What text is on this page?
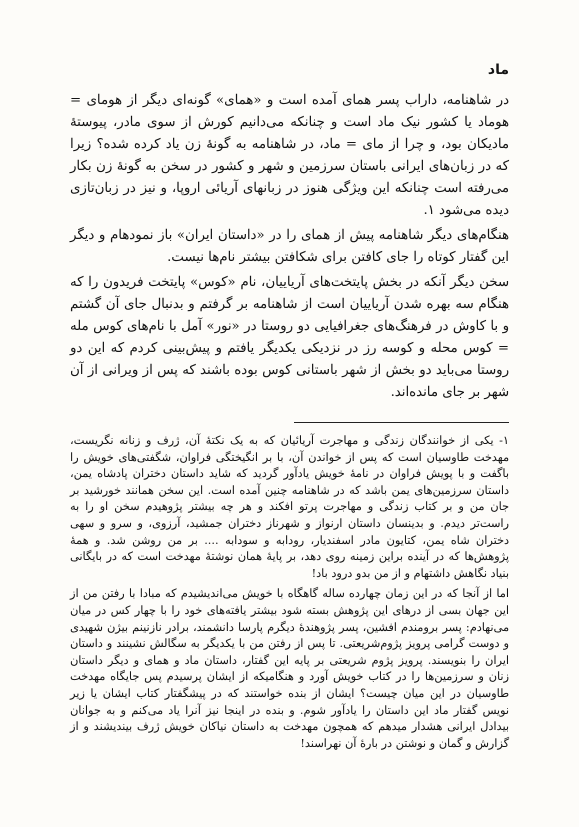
ماد

در شاهنامه، داراب پسر همای آمده است و «همای» گونه‌ای دیگر از هومای = هوماد یا کشور نیک ماد است و چنانکه می‌دانیم کورش از سوی مادر، پیوستهٔ مادیکان بود، و چرا از مای = ماد، در شاهنامه به گونهٔ زن یاد کرده شده؟ زیرا که در زبان‌های ایرانی باستان سرزمین و شهر و کشور در سخن به گونهٔ زن بکار می‌رفته است چنانکه این ویژگی هنوز در زبانهای آریائی اروپا، و نیز در زبان‌تازی دیده می‌شود ۱.

هنگام‌های دیگر شاهنامه پیش از همای را در «داستان ایران» باز نمودهام و دیگر این گفتار کوتاه را جای کافتن برای شکافتن بیشتر نام‌ها نیست.

سخن دیگر آنکه در بخش پایتخت‌های آریاییان، نام «کوس» پایتخت فریدون را که هنگام سه بهره شدن آریاییان است از شاهنامه بر گرفتم و بدنبال جای آن گشتم و با کاوش در فرهنگ‌های جغرافیایی دو روستا در «نور» آمل با نام‌های کوس مله = کوس محله و کوسه رز در نزدیکی یکدیگر یافتم و پیش‌بینی کردم که این دو روستا می‌باید دو بخش از شهر باستانی کوس بوده باشند که پس از ویرانی از آن شهر بر جای مانده‌اند.

۱- یکی از خوانندگان زندگی و مهاجرت آریائیان که به یک نکتهٔ آن، ژرف و زنانه نگریست، مهدخت طاوسیان است که پس از خواندن آن، با بر انگیختگی فراوان، شگفتی‌های خویش را باگفت و با پویش فراوان در نامهٔ خویش یادآور گردید که شاید داستان دختران پادشاه یمن، داستان سرزمین‌های یمن باشد که در شاهنامه چنین آمده است. این سخن همانند خورشید بر جان من و بر کتاب زندگی و مهاجرت پرتو افکند و هر چه بیشتر پژوهیدم سخن او را به راست‌تر دیدم. و بدینسان داستان ارنواز و شهرناز دختران جمشید، آرزوی، و سرو و سهی دختران شاه یمن، کتایون مادر اسفندیار، رودابه و سودابه .... بر من روشن شد. و همهٔ پژوهش‌ها که در آینده براین زمینه روی دهد، بر پایهٔ همان نوشتهٔ مهدخت است که در بایگانی بنیاد نگاهش داشتهام و از من بدو درود باد!

اما از آنجا که در این زمان چهارده ساله گاهگاه با خویش می‌اندیشیدم که مبادا با رفتن من از این جهان بسی از درهای این پژوهش بسته شود بیشتر یافته‌های خود را با چهار کس در میان می‌نهادم: پسر برومندم افشین، پسر پژوهندهٔ دیگرم پارسا دانشمند، برادر نازنینم بیژن شهیدی و دوست گرامی پرویز پژوم‌شریعتی. تا پس از رفتن من با یکدیگر به سگالش نشینند و داستان ایران را بنویسند. پرویز پژوم شریعتی بر پایه این گفتار، داستان ماد و همای و دیگر داستان زنان و سرزمین‌ها را در کتاب خویش آورد و هنگامیکه از ایشان پرسیدم پس جایگاه مهدخت طاوسیان در این میان چیست؟ ایشان از بنده خواستند که در پیشگفتار کتاب ایشان یا زیر نویس گفتار ماد این داستان را یادآور شوم. و بنده در اینجا نیز آنرا یاد می‌کنم و به جوانان بیدادل ایرانی هشدار میدهم که همچون مهدخت به داستان نیاکان خویش ژرف بیندیشند و از گزارش و گمان و نوشتن در بارهٔ آن نهراسند!
